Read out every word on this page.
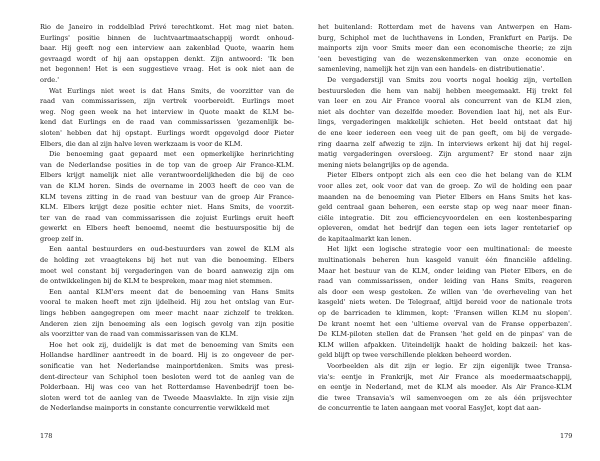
Rio de Janeiro in roddelblad Privé terechtkomt. Het mag niet baten.
Eurlings' positie binnen de luchtvaartmaatschappij wordt onhoud-
baar. Hij geeft nog een interview aan zakenblad Quote, waarin hem
gevraagd wordt of hij aan opstappen denkt. Zijn antwoord: 'Ik ben
net begonnen! Het is een suggestieve vraag. Het is ook niet aan de
orde.'
Wat Eurlings niet weet is dat Hans Smits, de voorzitter van de
raad van commissarissen, zijn vertrek voorbereidt. Eurlings moet
weg. Nog geen week na het interview in Quote maakt de KLM be-
kend dat Eurlings en de raad van commissarissen 'gezamenlijk be-
sloten' hebben dat hij opstapt. Eurlings wordt opgevolgd door Pieter
Elbers, die dan al zijn halve leven werkzaam is voor de KLM.
Die benoeming gaat gepaard met een opmerkelijke herinrichting
van de Nederlandse posities in de top van de groep Air France-KLM.
Elbers krijgt namelijk niet alle verantwoordelijkheden die bij de ceo
van de KLM horen. Sinds de overname in 2003 heeft de ceo van de
KLM tevens zitting in de raad van bestuur van de groep Air France-
KLM. Elbers krijgt deze positie echter niet. Hans Smits, de voorzit-
ter van de raad van commissarissen die zojuist Eurlings eruit heeft
gewerkt en Elbers heeft benoemd, neemt die bestuurspositie bij de
groep zelf in.
Een aantal bestuurders en oud-bestuurders van zowel de KLM als
de holding zet vraagtekens bij het nut van die benoeming. Elbers
moet wel constant bij vergaderingen van de board aanwezig zijn om
de ontwikkelingen bij de KLM te bespreken, maar mag niet stemmen.
Een aantal KLM'ers meent dat de benoeming van Hans Smits
vooral te maken heeft met zijn ijdelheid. Hij zou het ontslag van Eur-
lings hebben aangegrepen om meer macht naar zichzelf te trekken.
Anderen zien zijn benoeming als een logisch gevolg van zijn positie
als voorzitter van de raad van commissarissen van de KLM.
Hoe het ook zij, duidelijk is dat met de benoeming van Smits een
Hollandse hardliner aantreedt in de board. Hij is zo ongeveer de per-
sonificatie van het Nederlandse mainportdenken. Smits was presi-
dent-directeur van Schiphol toen besloten werd tot de aanleg van de
Polderbaan. Hij was ceo van het Rotterdamse Havenbedrijf toen be-
sloten werd tot de aanleg van de Tweede Maasvlakte. In zijn visie zijn
de Nederlandse mainports in constante concurrentie verwikkeld met
het buitenland: Rotterdam met de havens van Antwerpen en Ham-
burg, Schiphol met de luchthavens in Londen, Frankfurt en Parijs. De
mainports zijn voor Smits meer dan een economische theorie; ze zijn
'een bevestiging van de wezenskenmerken van onze economie en
samenleving, namelijk het zijn van een handels- en distributienatie'.
De vergaderstijl van Smits zou voorts nogal hoekig zijn, vertellen
bestuursleden die hem van nabij hebben meegemaakt. Hij trekt fel
van leer en zou Air France vooral als concurrent van de KLM zien,
niet als dochter van dezelfde moeder. Bovendien laat hij, net als Eur-
lings, vergaderingen makkelijk schieten. Het beeld ontstaat dat hij
de ene keer iedereen een veeg uit de pan geeft, om bij de vergade-
ring daarna zelf afwezig te zijn. In interviews erkent hij dat hij regel-
matig vergaderingen oversloeg. Zijn argument? Er stond naar zijn
mening niets belangrijks op de agenda.
Pieter Elbers ontpopt zich als een ceo die het belang van de KLM
voor alles zet, ook voor dat van de groep. Zo wil de holding een paar
maanden na de benoeming van Pieter Elbers en Hans Smits het kas-
geld centraal gaan beheren, een eerste stap op weg naar meer finan-
ciële integratie. Dit zou efficiencyvoordelen en een kostenbesparing
opleveren, omdat het bedrijf dan tegen een iets lager rentetarief op
de kapitaalmarkt kan lenen.
Het lijkt een logische strategie voor een multinational: de meeste
multinationals beheren hun kasgeld vanuit één financiële afdeling.
Maar het bestuur van de KLM, onder leiding van Pieter Elbers, en de
raad van commissarissen, onder leiding van Hans Smits, reageren
als door een wesp gestoken. Ze willen van 'de overheveling van het
kasgeld' niets weten. De Telegraaf, altijd bereid voor de nationale trots
op de barricaden te klimmen, kopt: 'Fransen willen KLM nu slopen'.
De krant noemt het een 'ultieme overval van de Franse opperbazen'.
De KLM-piloten stellen dat de Fransen 'het geld en de pinpas' van de
KLM willen afpakken. Uiteindelijk haakt de holding bakzeil: het kas-
geld blijft op twee verschillende plekken beheerd worden.
Voorbeelden als dit zijn er legio. Er zijn eigenlijk twee Transa-
via's: eentje in Frankrijk, met Air France als moedermaatschappij,
en eentje in Nederland, met de KLM als moeder. Als Air France-KLM
die twee Transavia's wil samenvoegen om ze als één prijsvechter
de concurrentie te laten aangaan met vooral EasyJet, kopt dat aan-
178	179
